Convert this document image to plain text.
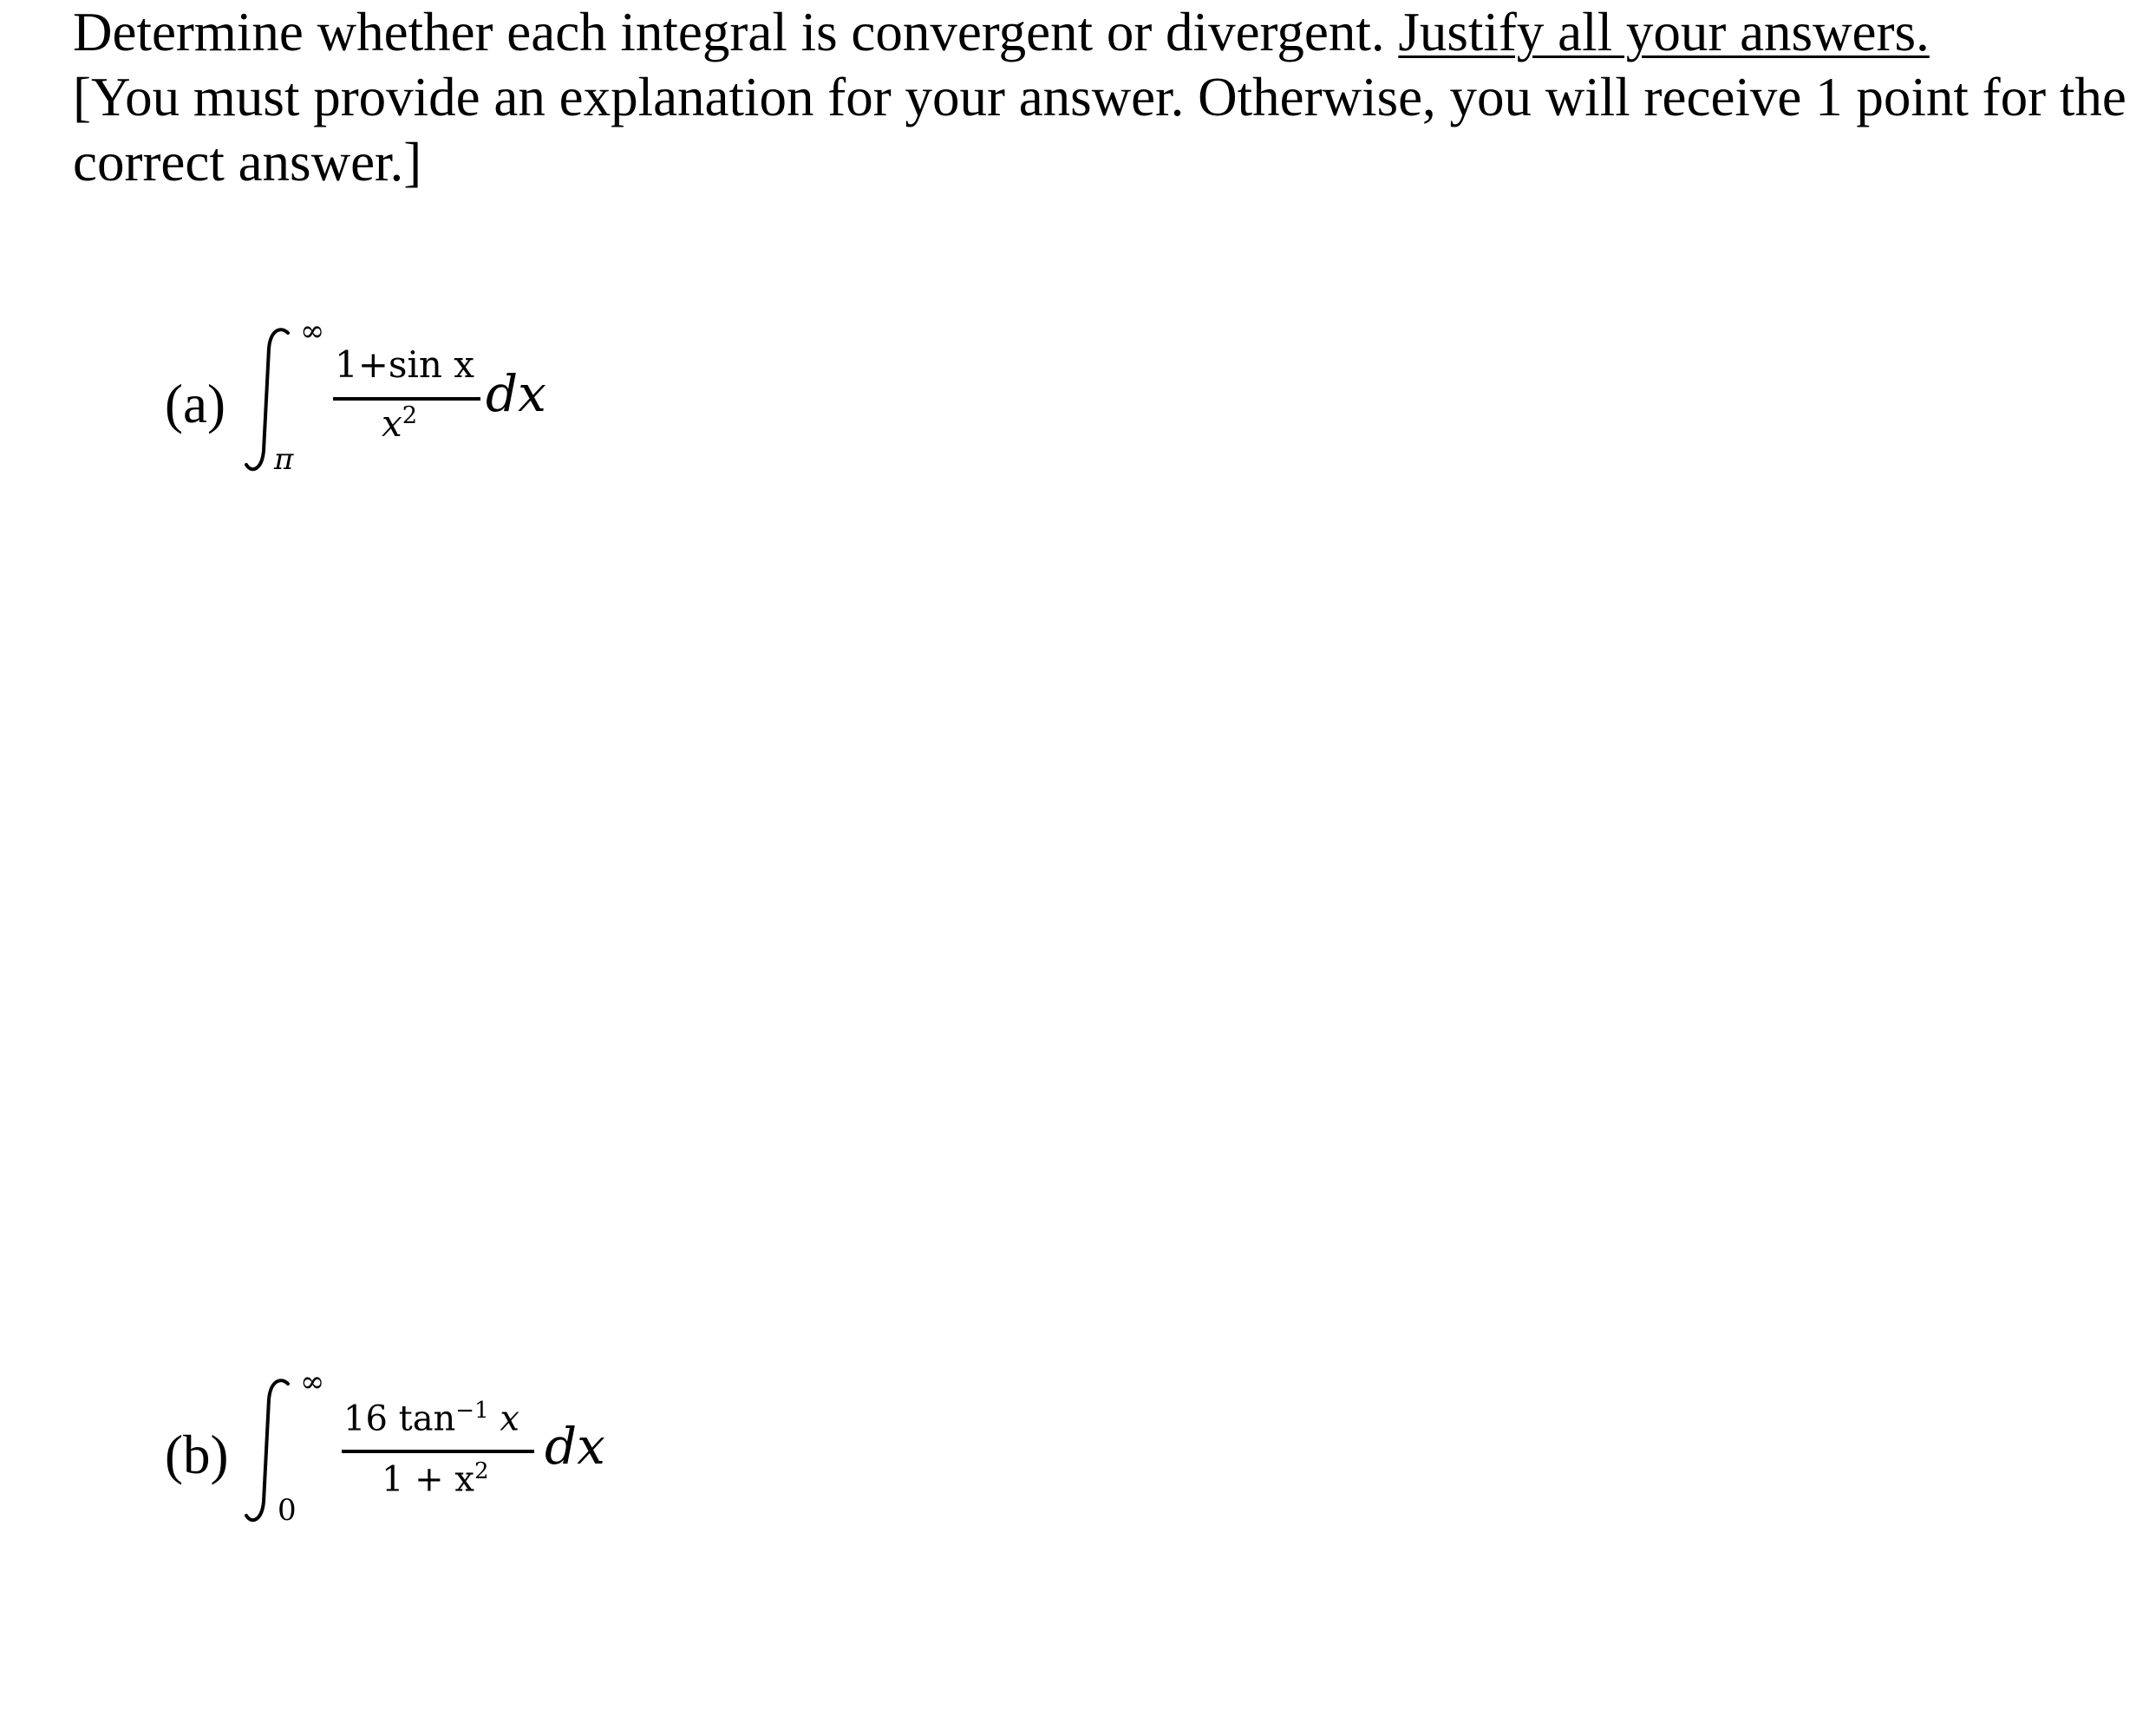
Determine whether each integral is convergent or divergent. Justify all your answers.
[You must provide an explanation for your answer. Otherwise, you will receive 1 point for the correct answer.]

(a)
∞
π
1+sin x
$x^2$ dx
(b)
∞
0
16 $\tan^{-1} x$
$1 + x^2$ dx
